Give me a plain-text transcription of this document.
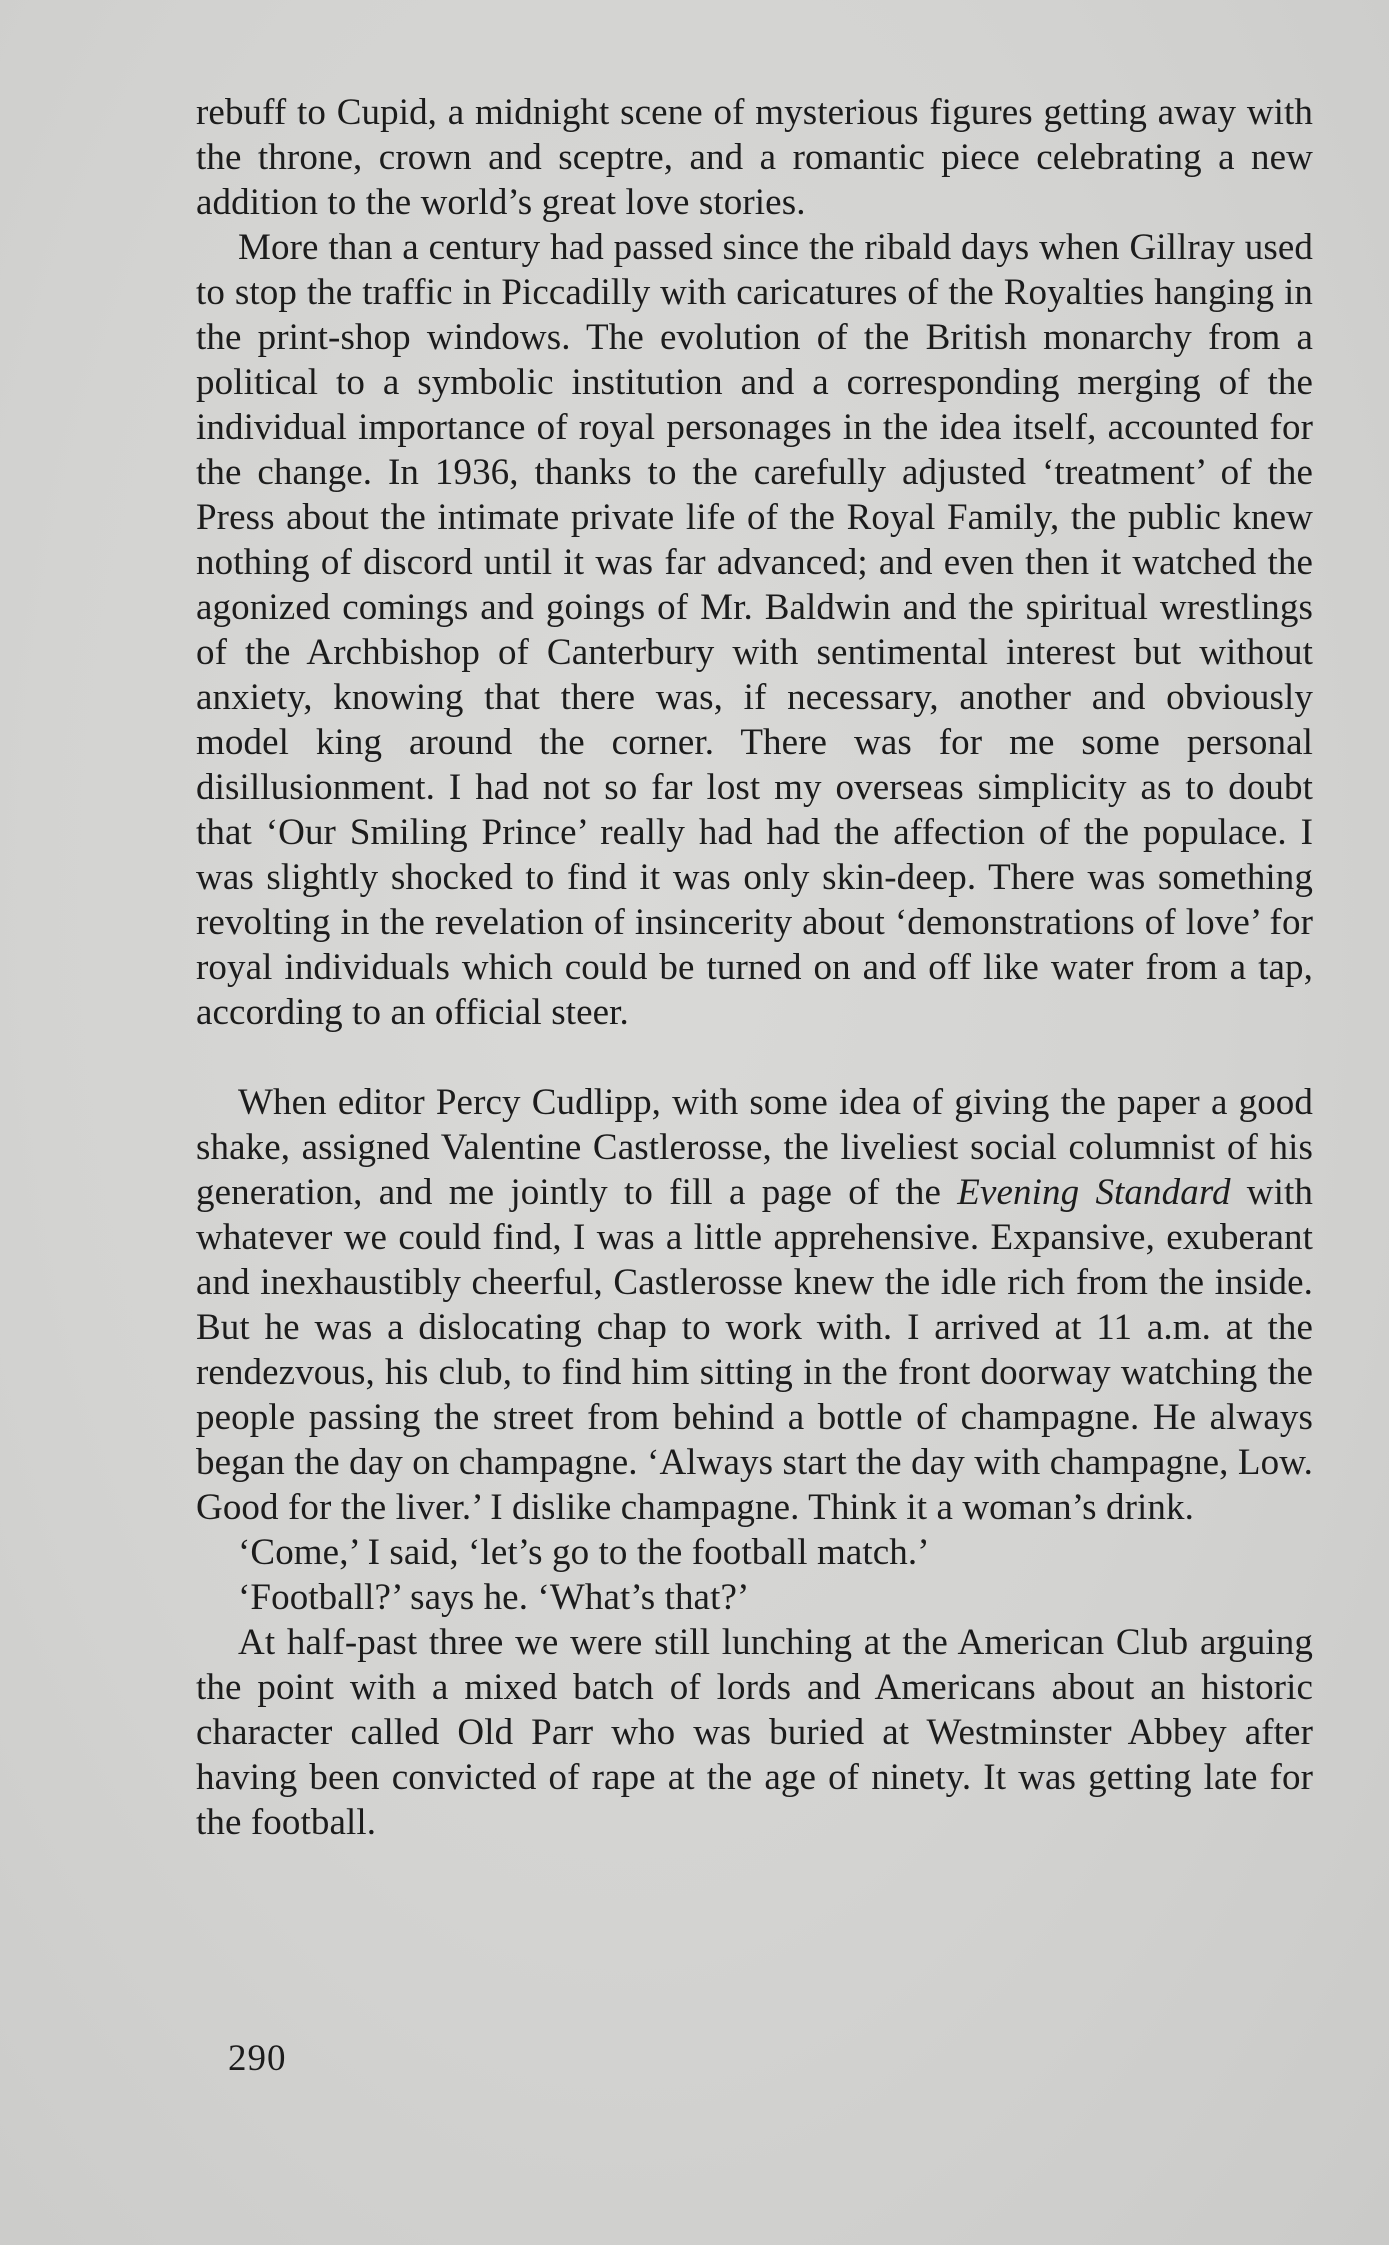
rebuff to Cupid, a midnight scene of mysterious figures getting away with the throne, crown and sceptre, and a romantic piece celebrating a new addition to the world’s great love stories.

More than a century had passed since the ribald days when Gillray used to stop the traffic in Piccadilly with caricatures of the Royalties hanging in the print-shop windows. The evolution of the British monarchy from a political to a symbolic institution and a corresponding merging of the individual importance of royal personages in the idea itself, accounted for the change. In 1936, thanks to the carefully adjusted ‘treatment’ of the Press about the intimate private life of the Royal Family, the public knew nothing of discord until it was far advanced; and even then it watched the agonized comings and goings of Mr. Baldwin and the spiritual wrestlings of the Archbishop of Canterbury with sentimental interest but without anxiety, knowing that there was, if necessary, another and obviously model king around the corner. There was for me some personal disillusionment. I had not so far lost my overseas simplicity as to doubt that ‘Our Smiling Prince’ really had had the affection of the populace. I was slightly shocked to find it was only skin-deep. There was something revolting in the revelation of insincerity about ‘demonstrations of love’ for royal individuals which could be turned on and off like water from a tap, according to an official steer.

When editor Percy Cudlipp, with some idea of giving the paper a good shake, assigned Valentine Castlerosse, the liveliest social columnist of his generation, and me jointly to fill a page of the Evening Standard with whatever we could find, I was a little apprehensive. Expansive, exuberant and inexhaustibly cheerful, Castlerosse knew the idle rich from the inside. But he was a dislocating chap to work with. I arrived at 11 a.m. at the rendezvous, his club, to find him sitting in the front doorway watching the people passing the street from behind a bottle of champagne. He always began the day on champagne. ‘Always start the day with champagne, Low. Good for the liver.’ I dislike champagne. Think it a woman’s drink.

‘Come,’ I said, ‘let’s go to the football match.’

‘Football?’ says he. ‘What’s that?’

At half-past three we were still lunching at the American Club arguing the point with a mixed batch of lords and Americans about an historic character called Old Parr who was buried at Westminster Abbey after having been convicted of rape at the age of ninety. It was getting late for the football.

290
